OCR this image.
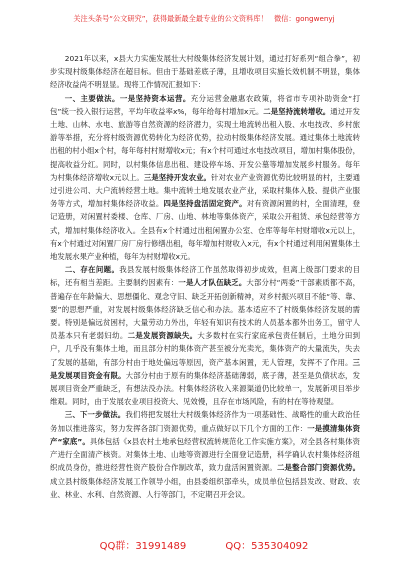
关注头条号“公文研究”，获得最新最全最专业的公文资料库！ 微信：gongwenyj

2021年以来，x县大力实施发展壮大村级集体经济发展计划，通过打好系列“组合拳”，初步实现村级集体经济在超目标。但由于基础差底子薄，且增收项目实施长效机制不明显，集体经济收益尚不明显显。现将工作情况汇报如下：

一、主要做法。一是坚持资本运营。充分运营金融惠农政策，将省市专项补助资金“打包”统一投入银行运营，平均年收益率x%，每年给每村增加x元。二是坚持流转增收。通过开发土地、山林、水电、旅游等自然资源的经济潜力，实现土地流转出租入股、水电技改、乡村旅游等举措，充分将村级资源优势转化为经济优势，拉动村级集体经济发展。通过集体土地流转出租的村小组x个村，每年每村村财增收x元；有x个村可通过水电技改项目，增加村集体股份，提高收益分红。同时，以村集体信息出租、建设停车场、开发公墓等增加发展乡村服务。每年为村集体经济增收x元以上。三是坚持开发农业。针对农业产业资源优势比较明显的村，主要通过引进公司、大户流转经营土地。集中流转土地发展农业产业，采取村集体入股、提供产业服务等方式，增加村集体经济收益。四是坚持盘活固定资产。对有资源闲置的村，全面清理，登记造册，对闲置村委楼、仓库、厂房、山地、林地等集体资产，采取公开租赁、承包经营等方式，增加村集体经济收入。全县有x个村通过出租闲置办公室、仓库等每年村财增收x元以上，有x个村通过对闲置厂房厂房行修缮出租，每年增加村财收入x元，有x个村通过利用闲置集体土地发展水果产业种植，每年为村财增收x元。

二、存在问题。我县发展村级集体经济工作虽然取得初步成效，但离上级部门要求的目标，还有相当差距。主要制约因素有：一是人才队伍缺乏。大部分村“两委”干部素质都不高，普遍存在年龄偏大、思想僵化、观念守旧、缺乏开拓创新精神，对乡村振兴项目不能“等、靠、要”的思想严重，对发展村级集体经济缺乏信心和办法。基本适应不了村级集体经济发展的需要。特别是偏远贫困村，大量劳动力外出，年轻有知识有技术的人员基本都外出务工，留守人员基本只有老弱妇幼。二是发展资源缺失。大多数村在实行家庭承包责任制后，土地分田到户，几乎没有集体土地，而且部分村的集体资产甚至被分光卖光，集体资产的大量流失，失去了发展的基础，有部分村由于地处偏远等原因，资产基本闲置，无人管理，发挥不了作用。三是发展项目资金有限。大部分村由于原有的集体经济基础薄弱，底子薄，甚至是负债状态，发展项目资金严重缺乏，有想法没办法。村集体经济收入来源渠道仍比较单一，发展新项目举步维艰。同时，由于发展农业项目投资大、见效慢，且存在市场风险，有的村在等待观望。

三、下一步做法。我们将把发展壮大村级集体经济作为一项基础性、战略性的重大政治任务加以推进落实，努力发挥各部门资源优势，重点做好以下几个方面的工作：一是摸清集体资产“家底”。具体包括《x县农村土地承包经营权流转规范化工作实施方案》，对全县各村集体资产进行全面清产核资。对集体土地、山地等资源进行全面登记造册，科学确认农村集体经济组织成员身份，推进经营性资产股份合作制改革，致力盘活闲置资源。二是整合部门资源优势。成立县村级集体经济发展工作领导小组，由县委组织部牵头，成员单位包括县发改、财政、农业、林业、水利、自然资源、人行等部门，不定期召开会议。

QQ群：31991489	QQ：535304092
